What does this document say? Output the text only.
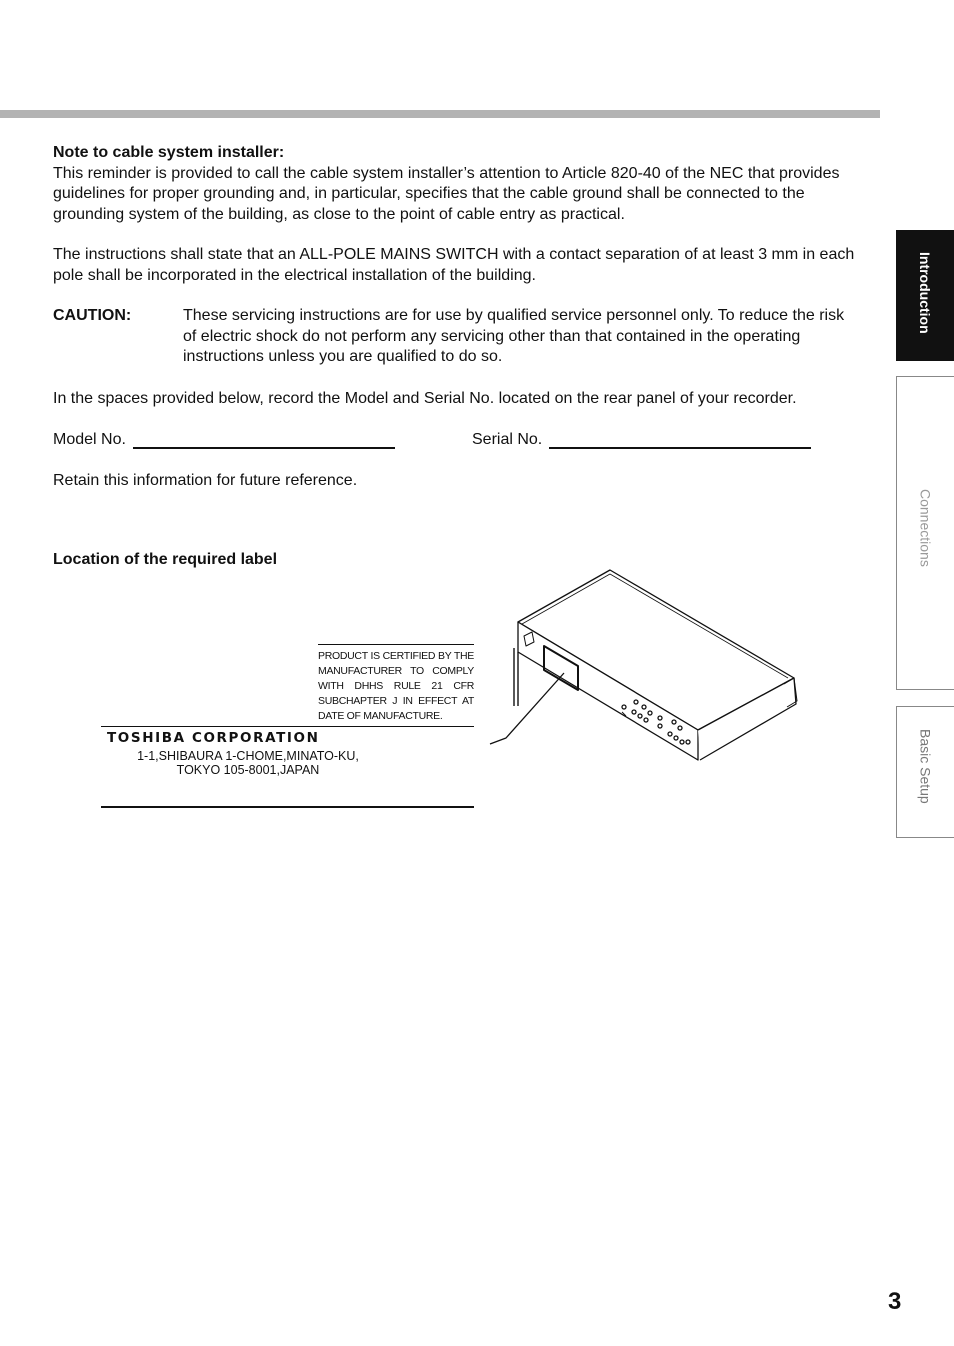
Note to cable system installer:

This reminder is provided to call the cable system installer’s attention to Article 820-40 of the NEC that provides guidelines for proper grounding and, in particular, specifies that the cable ground shall be connected to the grounding system of the building, as close to the point of cable entry as practical.

The instructions shall state that an ALL-POLE MAINS SWITCH with a contact separation of at least 3 mm in each pole shall be incorporated in the electrical installation of the building.

CAUTION:	These servicing instructions are for use by qualified service personnel only. To reduce the risk of electric shock do not perform any servicing other than that contained in the operating instructions unless you are qualified to do so.

In the spaces provided below, record the Model and Serial No. located on the rear panel of your recorder.

Model No.	Serial No.

Retain this information for future reference.

Location of the required label
PRODUCT IS CERTIFIED BY THE
MANUFACTURER TO COMPLY
WITH DHHS RULE 21 CFR
SUBCHAPTER J IN EFFECT AT
DATE OF MANUFACTURE.
TOSHIBA CORPORATION
1-1,SHIBAURA 1-CHOME,MINATO-KU,
TOKYO 105-8001,JAPAN
Introduction
Connections
Basic Setup
3
